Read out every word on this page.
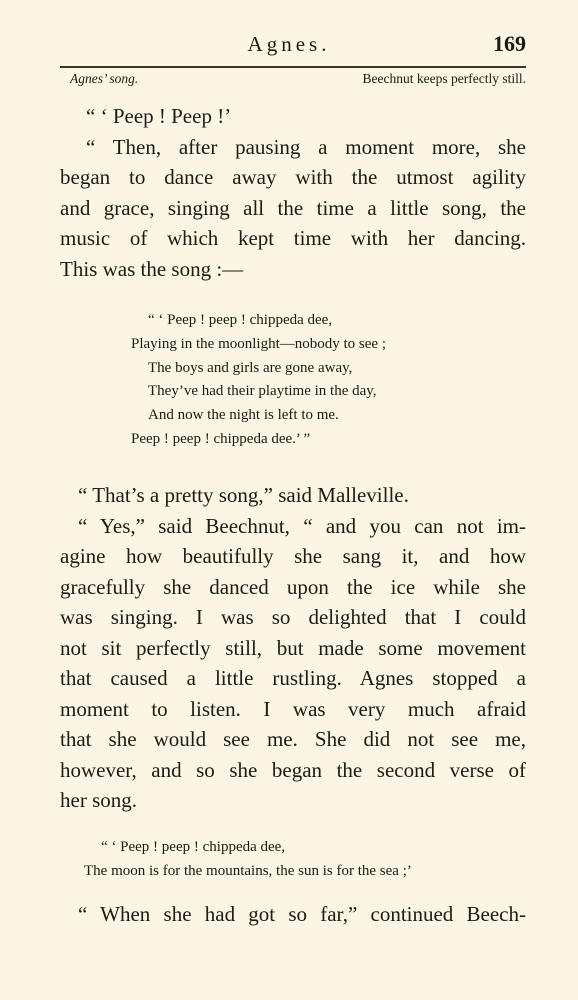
Agnes.	169
Agnes’ song.	Beechnut keeps perfectly still.
“ ‘ Peep ! Peep !’
“ Then, after pausing a moment more, she
began to dance away with the utmost agility
and grace, singing all the time a little song, the
music of which kept time with her dancing.
This was the song :—
“ ‘ Peep ! peep ! chippeda dee,
Playing in the moonlight—nobody to see ;
The boys and girls are gone away,
They’ve had their playtime in the day,
And now the night is left to me.
Peep ! peep ! chippeda dee.’ ”
“ That’s a pretty song,” said Malleville.
“ Yes,” said Beechnut, “ and you can not im-
agine how beautifully she sang it, and how
gracefully she danced upon the ice while she
was singing. I was so delighted that I could
not sit perfectly still, but made some movement
that caused a little rustling. Agnes stopped a
moment to listen. I was very much afraid
that she would see me. She did not see me,
however, and so she began the second verse of
her song.
“ ‘ Peep ! peep ! chippeda dee,
The moon is for the mountains, the sun is for the sea ;’
“ When she had got so far,” continued Beech-
